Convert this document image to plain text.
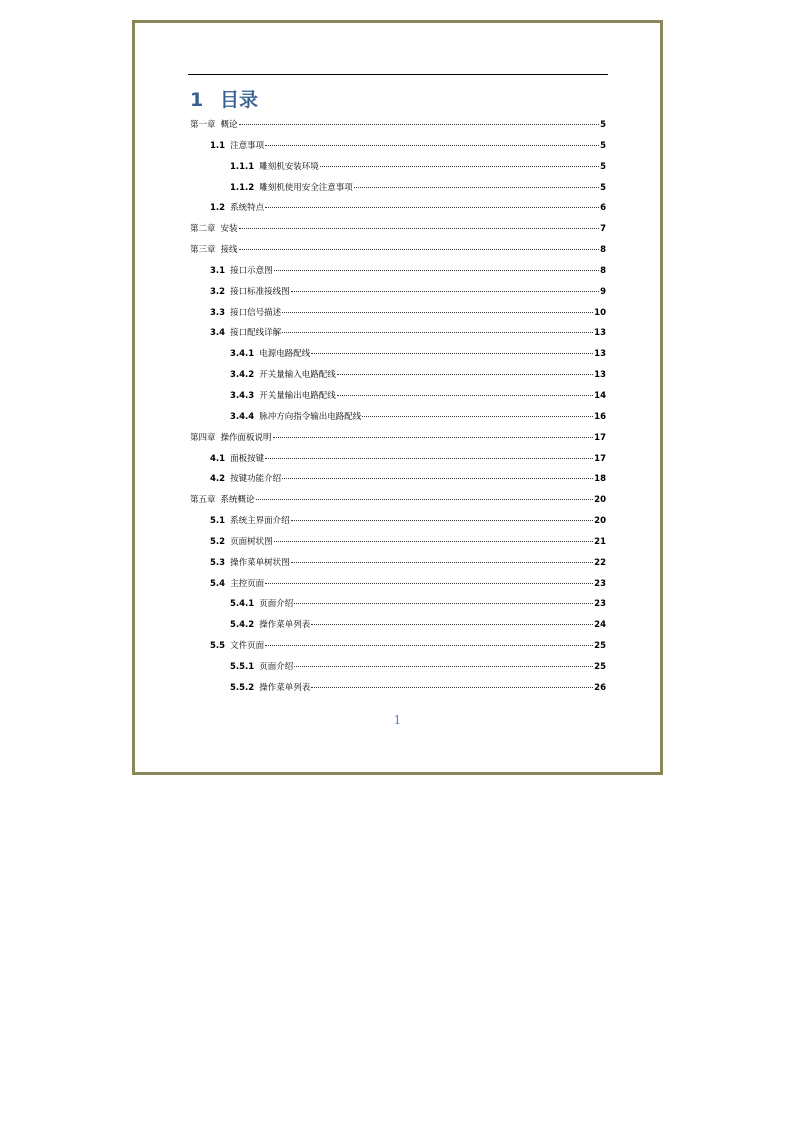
1 目录
第一章 概论	5
1.1 注意事项	5
1.1.1 雕刻机安装环境	5
1.1.2 雕刻机使用安全注意事项	5
1.2 系统特点	6
第二章 安装	7
第三章 接线	8
3.1 接口示意图	8
3.2 接口标准接线图	9
3.3 接口信号描述	10
3.4 接口配线详解	13
3.4.1 电源电路配线	13
3.4.2 开关量输入电路配线	13
3.4.3 开关量输出电路配线	14
3.4.4 脉冲方向指令输出电路配线	16
第四章 操作面板说明	17
4.1 面板按键	17
4.2 按键功能介绍	18
第五章 系统概论	20
5.1 系统主界面介绍	20
5.2 页面树状图	21
5.3 操作菜单树状图	22
5.4 主控页面	23
5.4.1 页面介绍	23
5.4.2 操作菜单列表	24
5.5 文件页面	25
5.5.1 页面介绍	25
5.5.2 操作菜单列表	26
1
